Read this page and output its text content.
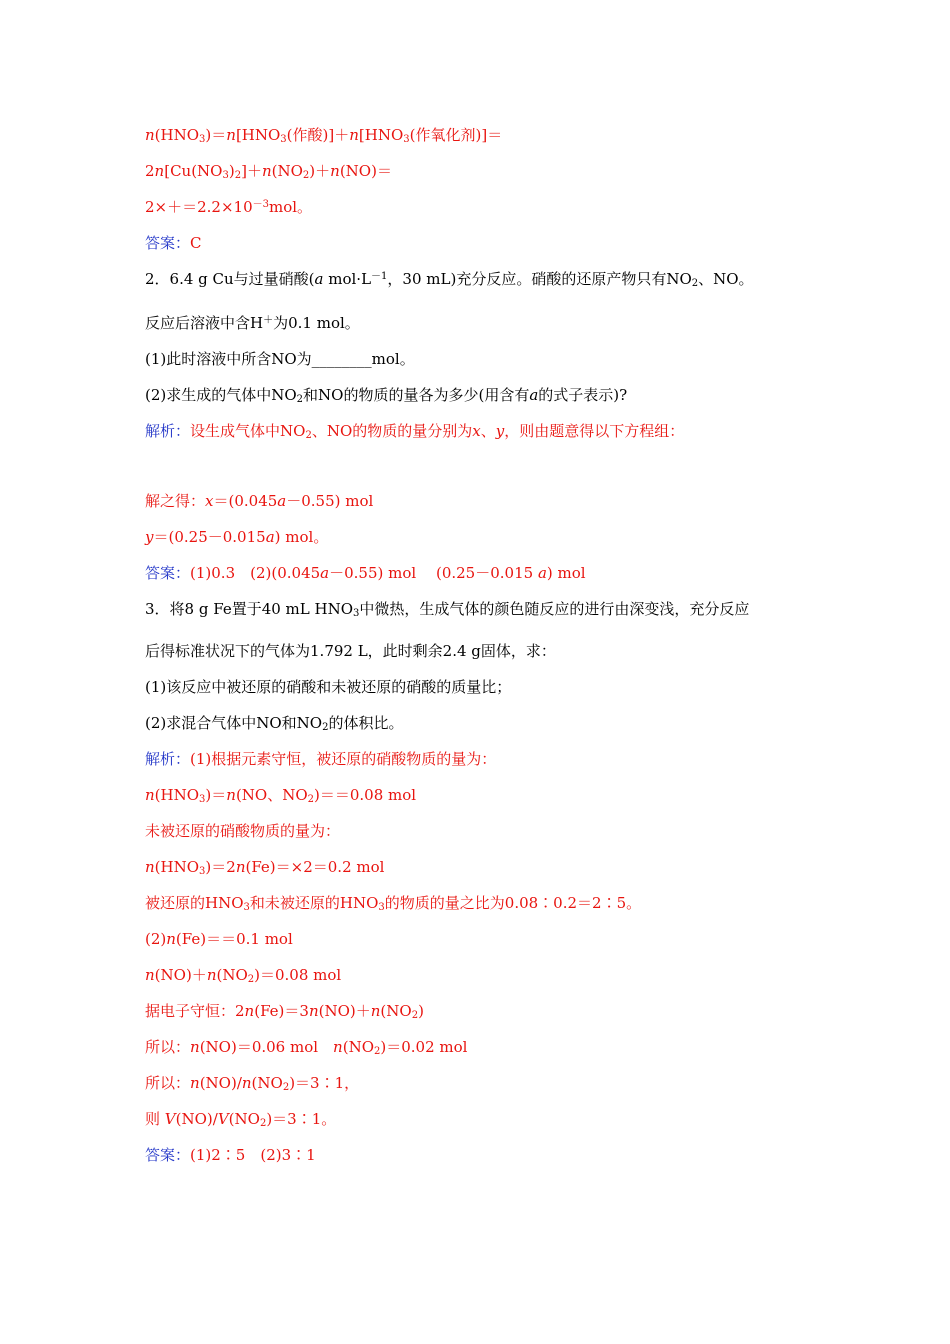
$n(HNO_3)=n[HNO_3$(作酸)]$+n[HNO_3$(作氧化剂)]＝
$2n[Cu(NO_3)_2]+n(NO_2)+n(NO)=$
$2\times+=2.2\times 10^{-3}mol$。
答案：C
2．6.4 g Cu与过量硝酸(a $mol\cdot L^{-1}$，30 mL)充分反应。硝酸的还原产物只有$NO_2$、NO。
反应后溶液中含H＋为0.1 mol。
(1)此时溶液中所含NO为________mol。
(2)求生成的气体中$NO_2$和NO的物质的量各为多少(用含有a的式子表示)?
解析：设生成气体中$NO_2$、NO的物质的量分别为x、y，则由题意得以下方程组：
解之得：x＝(0.045a－0.55) mol
y＝(0.25－0.015a) mol。
答案：(1)0.3　(2)(0.045a－0.55) mol　 (0.25－0.015 a) mol
3．将8 g Fe置于40 mL $HNO_3$中微热，生成气体的颜色随反应的进行由深变浅，充分反应
后得标准状况下的气体为1.792 L，此时剩余2.4 g固体，求：
(1)该反应中被还原的硝酸和未被还原的硝酸的质量比；
(2)求混合气体中NO和$NO_2$的体积比。
解析：(1)根据元素守恒，被还原的硝酸物质的量为：
$n(HNO_3)=n(NO$、$NO_2)==0.08$ mol
未被还原的硝酸物质的量为：
$n(HNO_3)=2n(Fe)=\times 2=0.2$ mol
被还原的$HNO_3$和未被还原的$HNO_3$的物质的量之比为0.08∶0.2＝2∶5。
(2)n(Fe)＝＝0.1 mol
$n(NO)+n(NO_2)=0.08$ mol
据电子守恒：$2n(Fe)=3n(NO)+n(NO_2)$
所以：n(NO)＝0.06 mol　$n(NO_2)=0.02$ mol
所以：$n(NO)/n(NO_2)=3∶1$，
则 $V(NO)/V(NO_2)=3∶1$。
答案：(1)2∶5　(2)3∶1
